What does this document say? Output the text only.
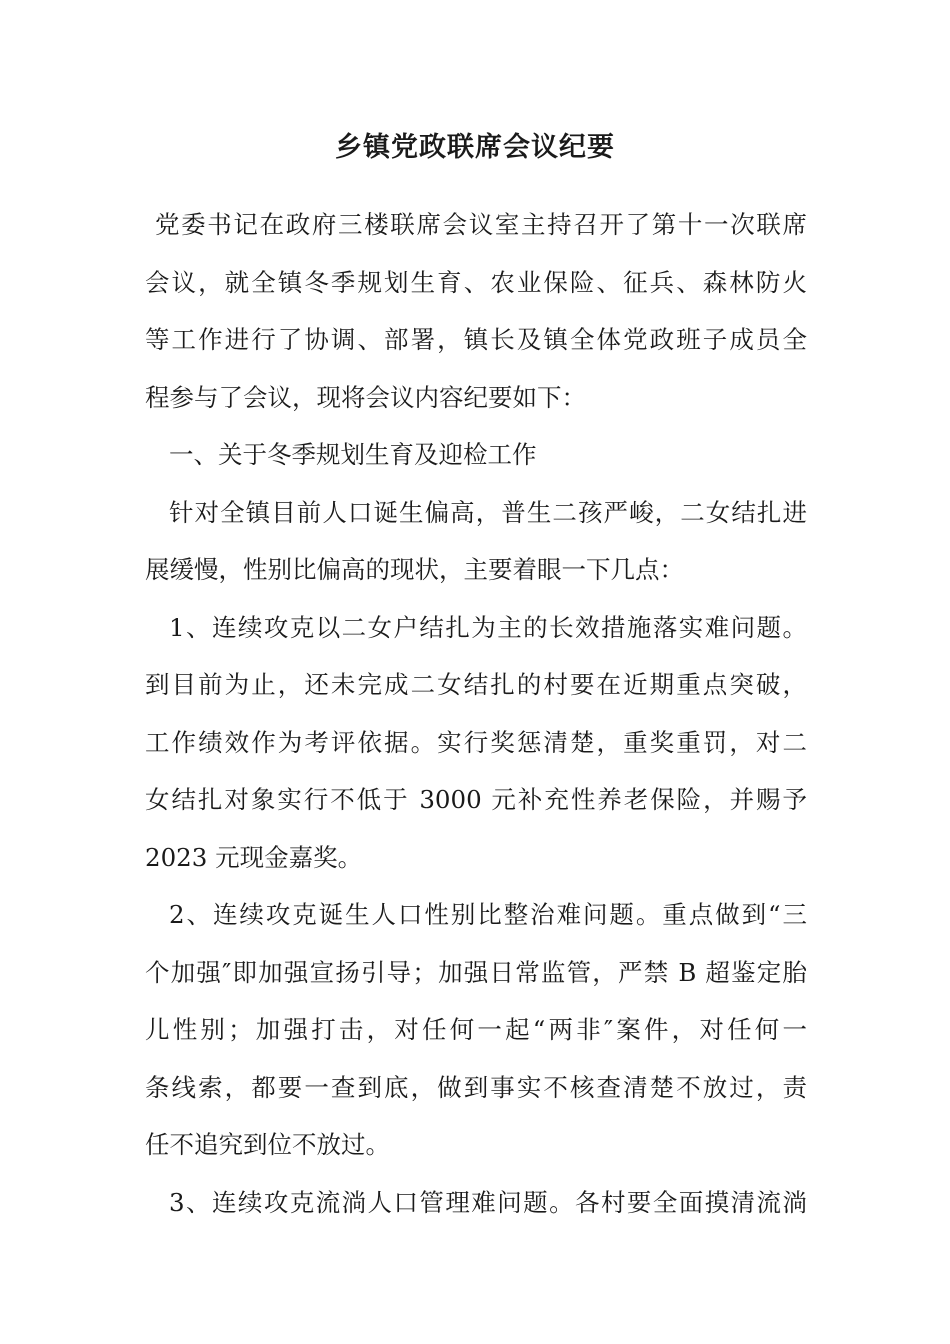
乡镇党政联席会议纪要
党委书记在政府三楼联席会议室主持召开了第十一次联席
会议，就全镇冬季规划生育、农业保险、征兵、森林防火
等工作进行了协调、部署，镇长及镇全体党政班子成员全
程参与了会议，现将会议内容纪要如下：
一、关于冬季规划生育及迎检工作
针对全镇目前人口诞生偏高，普生二孩严峻，二女结扎进
展缓慢，性别比偏高的现状，主要着眼一下几点：
1、连续攻克以二女户结扎为主的长效措施落实难问题。
到目前为止，还未完成二女结扎的村要在近期重点突破，
工作绩效作为考评依据。实行奖惩清楚，重奖重罚，对二
女结扎对象实行不低于 3000 元补充性养老保险，并赐予
2023 元现金嘉奖。
2、连续攻克诞生人口性别比整治难问题。重点做到“三
个加强″即加强宣扬引导；加强日常监管，严禁 B 超鉴定胎
儿性别；加强打击，对任何一起“两非″案件，对任何一
条线索，都要一查到底，做到事实不核查清楚不放过，责
任不追究到位不放过。
3、连续攻克流淌人口管理难问题。各村要全面摸清流淌
